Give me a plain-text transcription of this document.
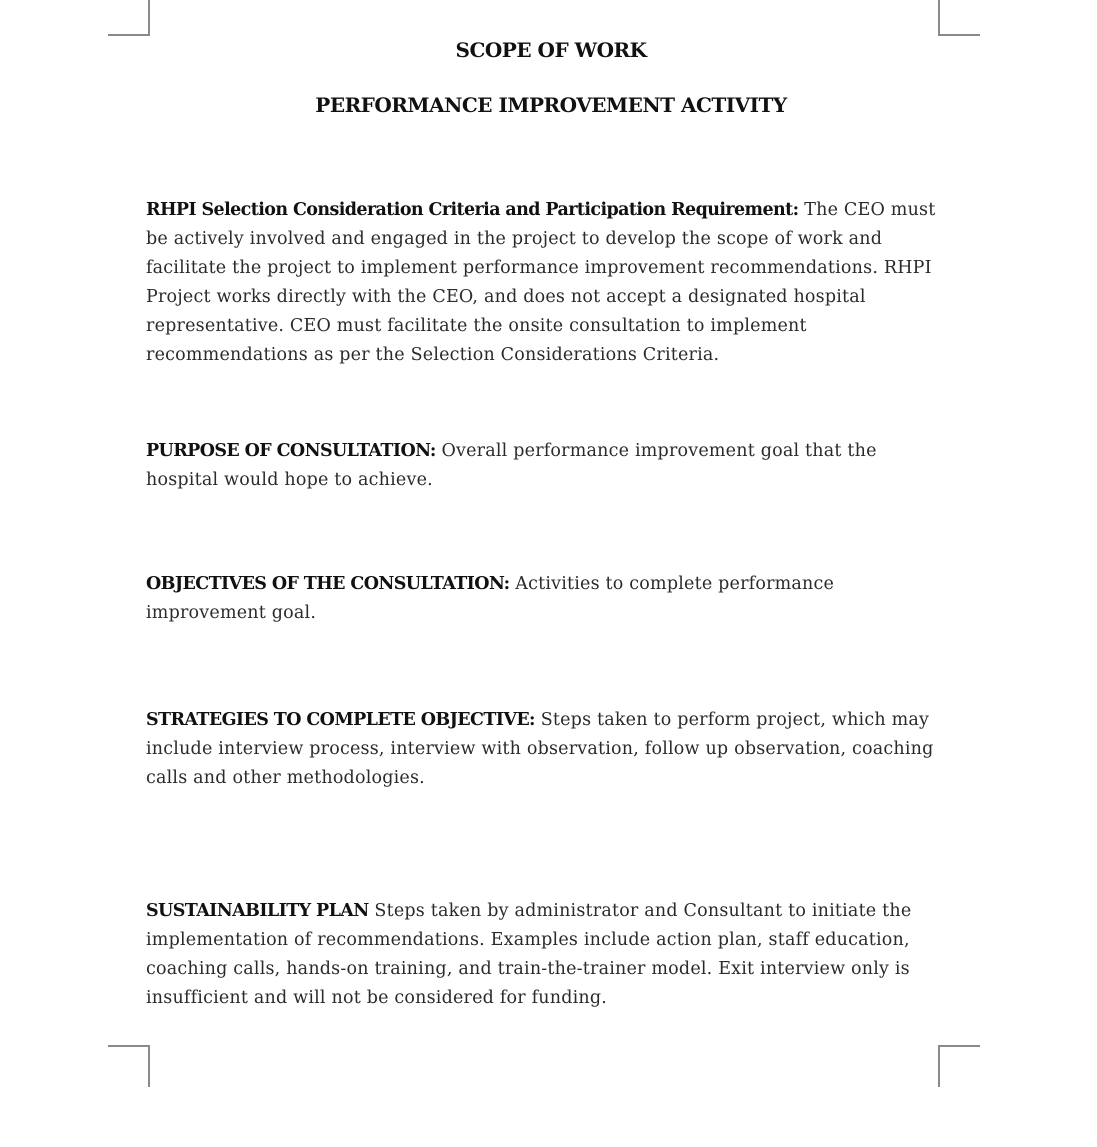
SCOPE OF WORK
PERFORMANCE IMPROVEMENT ACTIVITY
RHPI Selection Consideration Criteria and Participation Requirement: The CEO must be actively involved and engaged in the project to develop the scope of work and facilitate the project to implement performance improvement recommendations. RHPI Project works directly with the CEO, and does not accept a designated hospital representative. CEO must facilitate the onsite consultation to implement recommendations as per the Selection Considerations Criteria.
PURPOSE OF CONSULTATION: Overall performance improvement goal that the hospital would hope to achieve.
OBJECTIVES OF THE CONSULTATION: Activities to complete performance improvement goal.
STRATEGIES TO COMPLETE OBJECTIVE: Steps taken to perform project, which may include interview process, interview with observation, follow up observation, coaching calls and other methodologies.
SUSTAINABILITY PLAN Steps taken by administrator and Consultant to initiate the implementation of recommendations. Examples include action plan, staff education, coaching calls, hands-on training, and train-the-trainer model. Exit interview only is insufficient and will not be considered for funding.
